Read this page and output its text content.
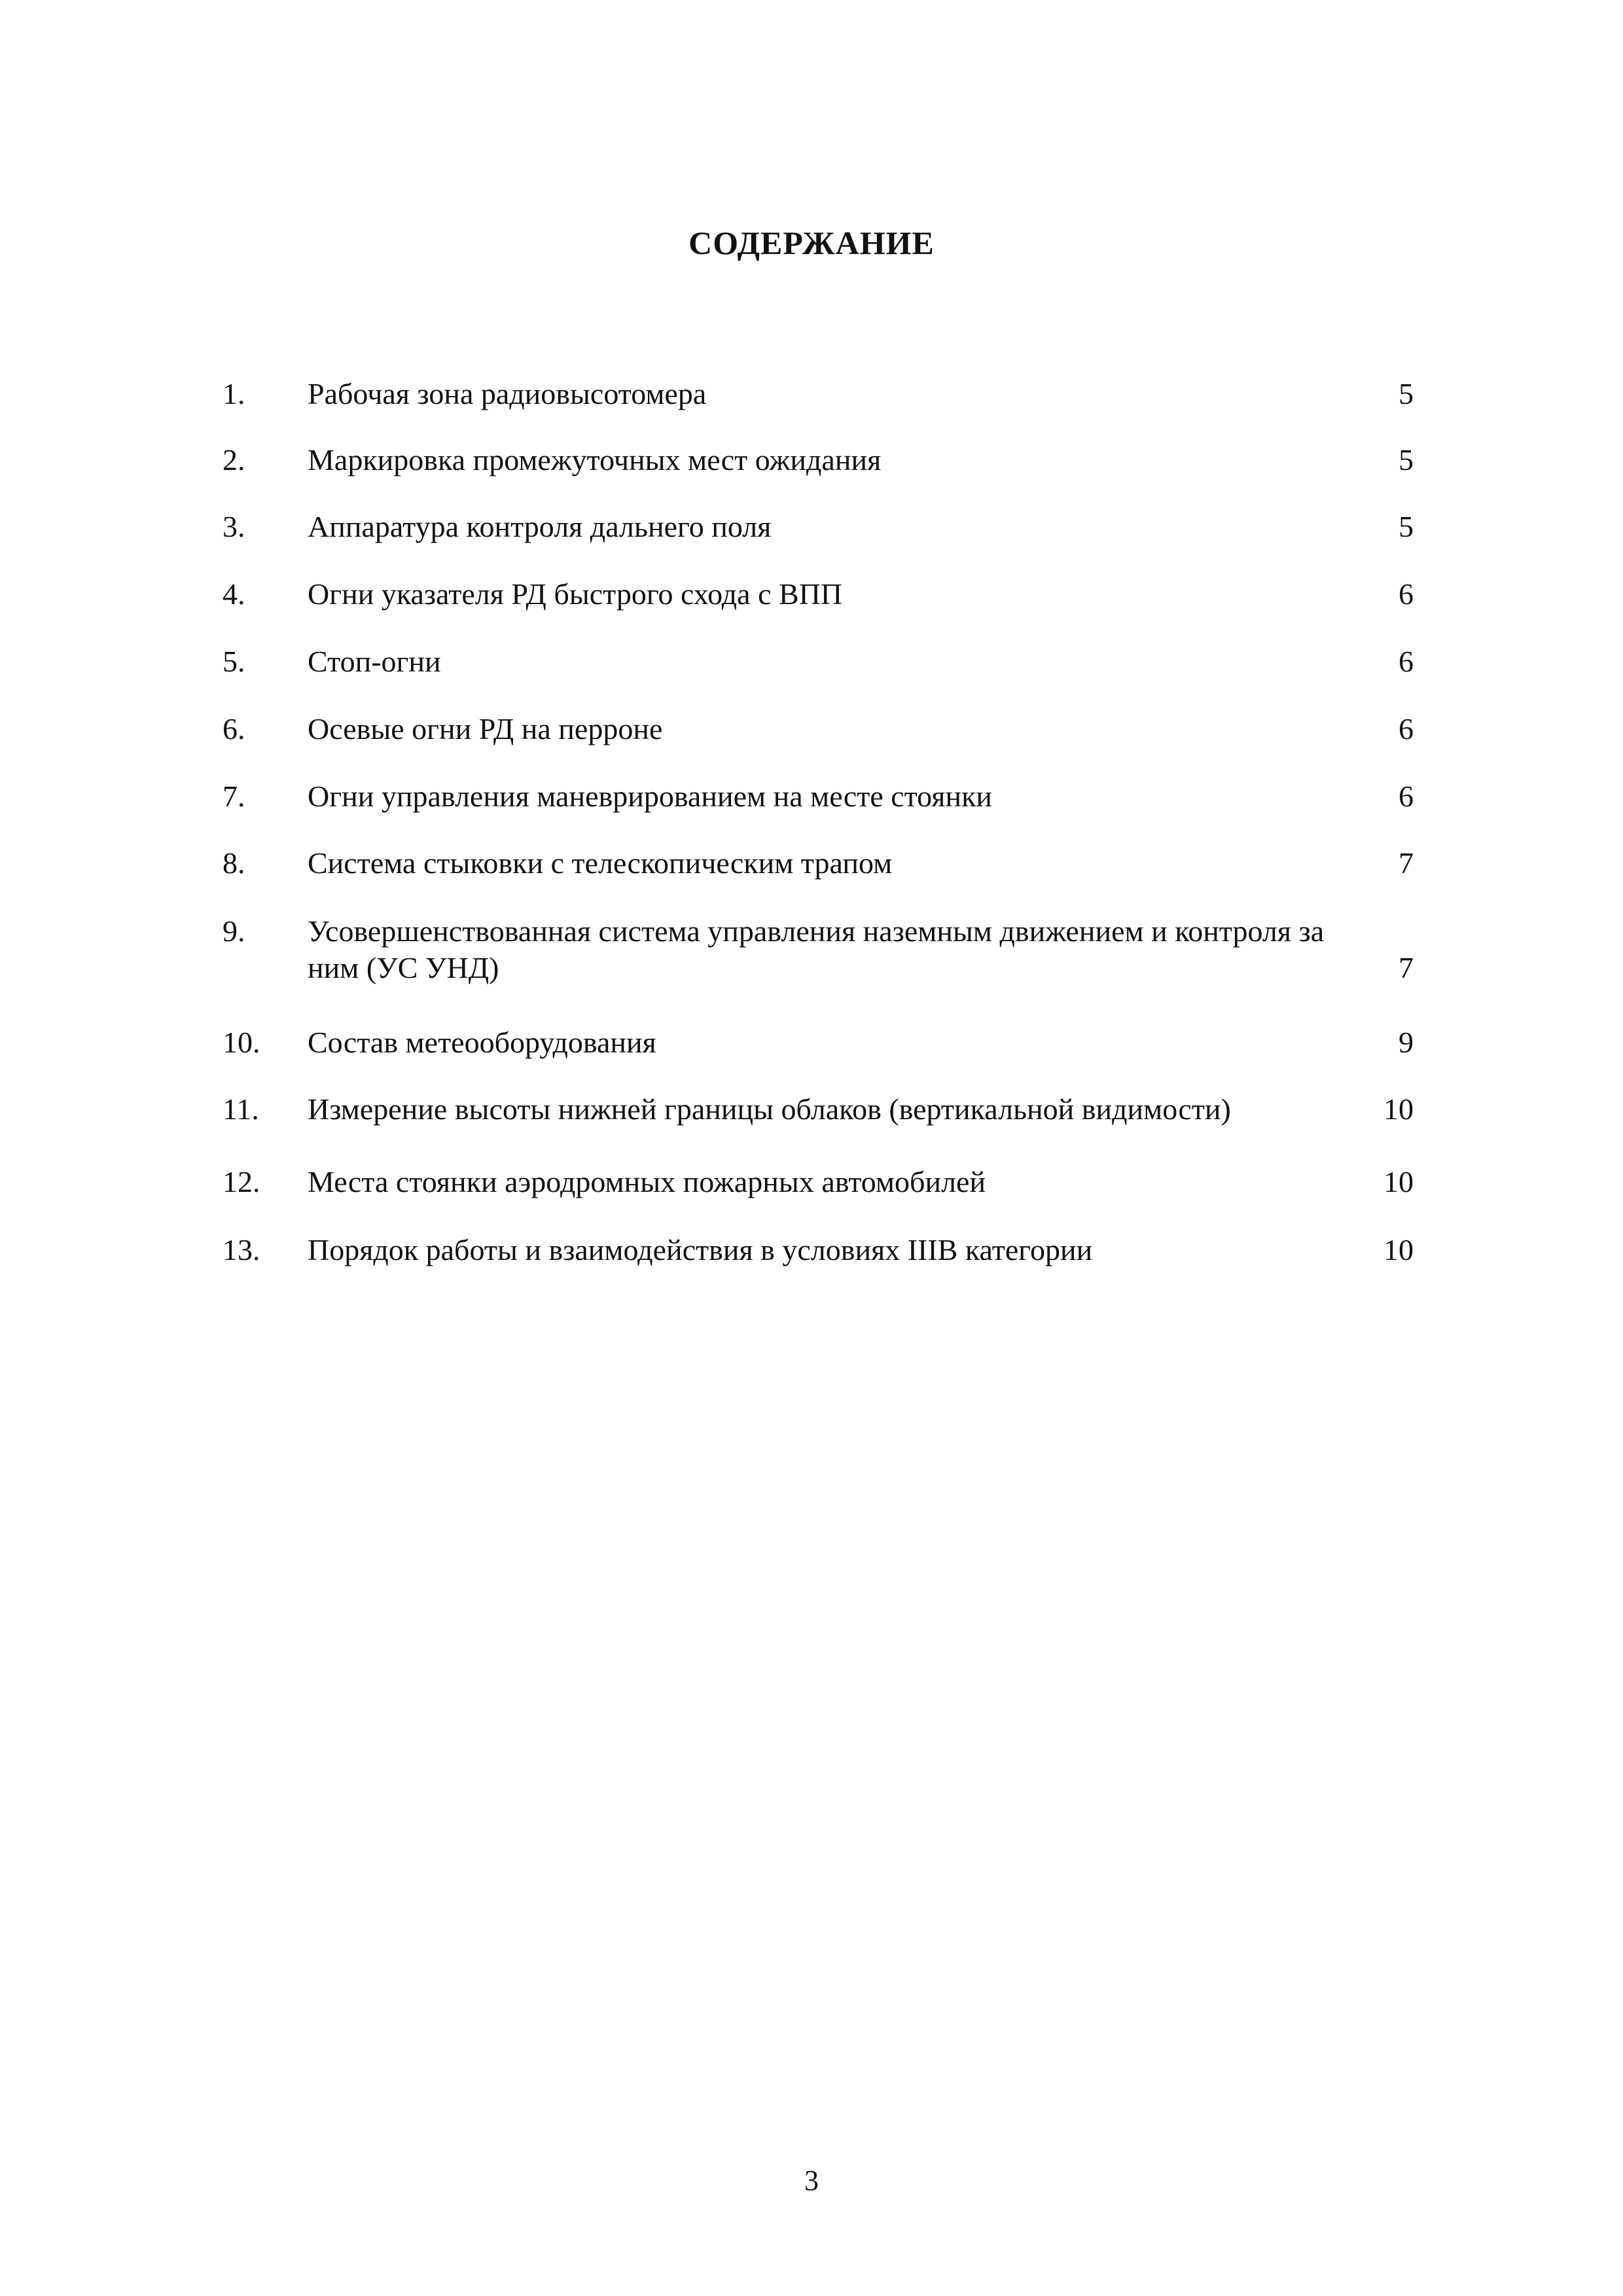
СОДЕРЖАНИЕ
1. Рабочая зона радиовысотомера	5
2. Маркировка промежуточных мест ожидания	5
3. Аппаратура контроля дальнего поля	5
4. Огни указателя РД быстрого схода с ВПП	6
5. Стоп-огни	6
6. Осевые огни РД на перроне	6
7. Огни управления маневрированием на месте стоянки	6
8. Система стыковки с телескопическим трапом	7
9. Усовершенствованная система управления наземным движением и контроля за ним (УС УНД)	7
10. Состав метеооборудования	9
11. Измерение высоты нижней границы облаков (вертикальной видимости)	10
12. Места стоянки аэродромных пожарных автомобилей	10
13. Порядок работы и взаимодействия в условиях IIIВ категории	10
3
